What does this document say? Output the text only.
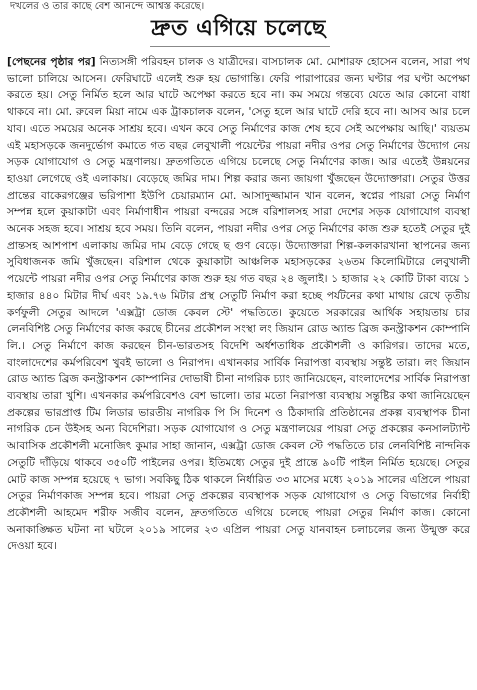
দখলের ও তার কাছে বেশ আনন্দে আশ্বস্ত করেছে।
দ্রুত এগিয়ে চলেছে

[পেছনের পৃষ্ঠার পর] নিত্যসঙ্গী পরিবহন চালক ও যাত্রীদের। বাসচালক মো. মোশারফ হোসেন বলেন, সারা পথ ভালো চালিয়ে আসেন। ফেরিঘাটে এলেই শুরু হয় ভোগান্তি। ফেরি পারাপারের জন্য ঘণ্টার পর ঘণ্টা অপেক্ষা করতে হয়। সেতু নির্মিত হলে আর ঘাটে অপেক্ষা করতে হবে না। কম সময়ে গন্তব্যে যেতে আর কোনো বাধা থাকবে না। মো. রুবেল মিয়া নামে এক ট্রাকচালক বলেন, 'সেতু হলে আর ঘাটে দেরি হবে না। আসব আর চলে যাব। এতে সময়ের অনেক সাশ্রয় হবে। এখন কবে সেতু নির্মাণের কাজ শেষ হবে সেই অপেক্ষায় আছি।' ব্যয়তম এই মহাসড়কে জনদুর্ভোগ কমাতে গত বছর লেবুখালী পয়েন্টের পায়রা নদীর ওপর সেতু নির্মাণের উদ্যোগ নেয় সড়ক যোগাযোগ ও সেতু মন্ত্রণালয়। দ্রুতগতিতে এগিয়ে চলেছে সেতু নির্মাণের কাজ। আর এতেই উন্নয়নের হাওয়া লেগেছে ওই এলাকায়। বেড়েছে জমির দাম। শিল্প করার জন্য জায়গা খুঁজছেন উদ্যোক্তারা। সেতুর উত্তর প্রান্তের বাকেরগঞ্জের ভরিপাশা ইউপি চেয়ারম্যান মো. আসাদুজ্জামান খান বলেন, স্বপ্নের পায়রা সেতু নির্মাণ সম্পন্ন হলে কুয়াকাটা এবং নির্মাণাধীন পায়রা বন্দরের সঙ্গে বরিশালসহ সারা দেশের সড়ক যোগাযোগ ব্যবস্থা অনেক সহজ হবে। সাশ্রয় হবে সময়। তিনি বলেন, পায়রা নদীর ওপর সেতু নির্মাণের কাজ শুরু হতেই সেতুর দুই প্রান্তসহ আশপাশ এলাকায় জমির দাম বেড়ে গেছে ছ গুণ বেড়ে। উদ্যোক্তারা শিল্প-কলকারখানা স্থাপনের জন্য সুবিধাজনক জমি খুঁজছেন। বরিশাল থেকে কুয়াকাটা আঞ্চলিক মহাসড়কের ২৬তম কিলোমিটারে লেবুখালী পয়েন্টে পায়রা নদীর ওপর সেতু নির্মাণের কাজ শুরু হয় গত বছর ২৪ জুলাই। ১ হাজার ২২ কোটি টাকা ব্যয়ে ১ হাজার ৪৪০ মিটার দীর্ঘ এবং ১৯.৭৬ মিটার প্রস্থ সেতুটি নির্মাণ করা হচ্ছে পর্যটনের কথা মাথায় রেখে তৃতীয় কর্ণফুলী সেতুর আদলে 'এক্সট্রা ডোজ কেবল স্টে' পদ্ধতিতে। কুয়েতে সরকারের আর্থিক সহায়তায় চার লেনবিশিষ্ট সেতু নির্মাণের কাজ করছে চীনের প্রকৌশল সংস্থা লং জিয়ান রোড অ্যান্ড ব্রিজ কনস্ট্রাকশন কোম্পানি লি.। সেতু নির্মাণে কাজ করছেন চীন-ভারতসহ বিদেশি অর্ধশতাধিক প্রকৌশলী ও কারিগর। তাদের মতে, বাংলাদেশের কর্মপরিবেশ খুবই ভালো ও নিরাপদ। এখানকার সার্বিক নিরাপত্তা ব্যবস্থায় সন্তুষ্ট তারা। লং জিয়ান রোড অ্যান্ড ব্রিজ কনস্ট্রাকশন কোম্পানির দোভাষী চীনা নাগরিক চ্যাং জানিয়েছেন, বাংলাদেশের সার্বিক নিরাপত্তা ব্যবস্থায় তারা খুশি। এখনকার কর্মপরিবেশও বেশ ভালো। তার মতো নিরাপত্তা ব্যবস্থায় সন্তুষ্টির কথা জানিয়েছেন প্রকল্পের ভারপ্রাপ্ত টিম লিডার ভারতীয় নাগরিক পি সি দিনেশ ও ঠিকাদারি প্রতিষ্ঠানের প্রকল্প ব্যবস্থাপক চীনা নাগরিক চেন উইসহ অন্য বিদেশিরা। সড়ক যোগাযোগ ও সেতু মন্ত্রণালয়ের পায়রা সেতু প্রকল্পের কনসালট্যান্ট আবাসিক প্রকৌশলী মনোজিৎ কুমার সাহা জানান, এক্সট্রা ডোজ কেবল স্টে পদ্ধতিতে চার লেনবিশিষ্ট নান্দনিক সেতুটি দাঁড়িয়ে থাকবে ৩৫০টি পাইলের ওপর। ইতিমধ্যে সেতুর দুই প্রান্তে ৯০টি পাইল নির্মিত হয়েছে। সেতুর মোট কাজ সম্পন্ন হয়েছে ৭ ভাগ। সবকিছু ঠিক থাকলে নির্ধারিত ৩৩ মাসের মধ্যে ২০১৯ সালের এপ্রিলে পায়রা সেতুর নির্মাণকাজ সম্পন্ন হবে। পায়রা সেতু প্রকল্পের ব্যবস্থাপক সড়ক যোগাযোগ ও সেতু বিভাগের নির্বাহী প্রকৌশলী আহমেদ শরীফ সজীব বলেন, দ্রুতগতিতে এগিয়ে চলেছে পায়রা সেতুর নির্মাণ কাজ। কোনো অনাকাঙ্ক্ষিত ঘটনা না ঘটলে ২০১৯ সালের ২৩ এপ্রিল পায়রা সেতু যানবাহন চলাচলের জন্য উন্মুক্ত করে দেওয়া হবে।
